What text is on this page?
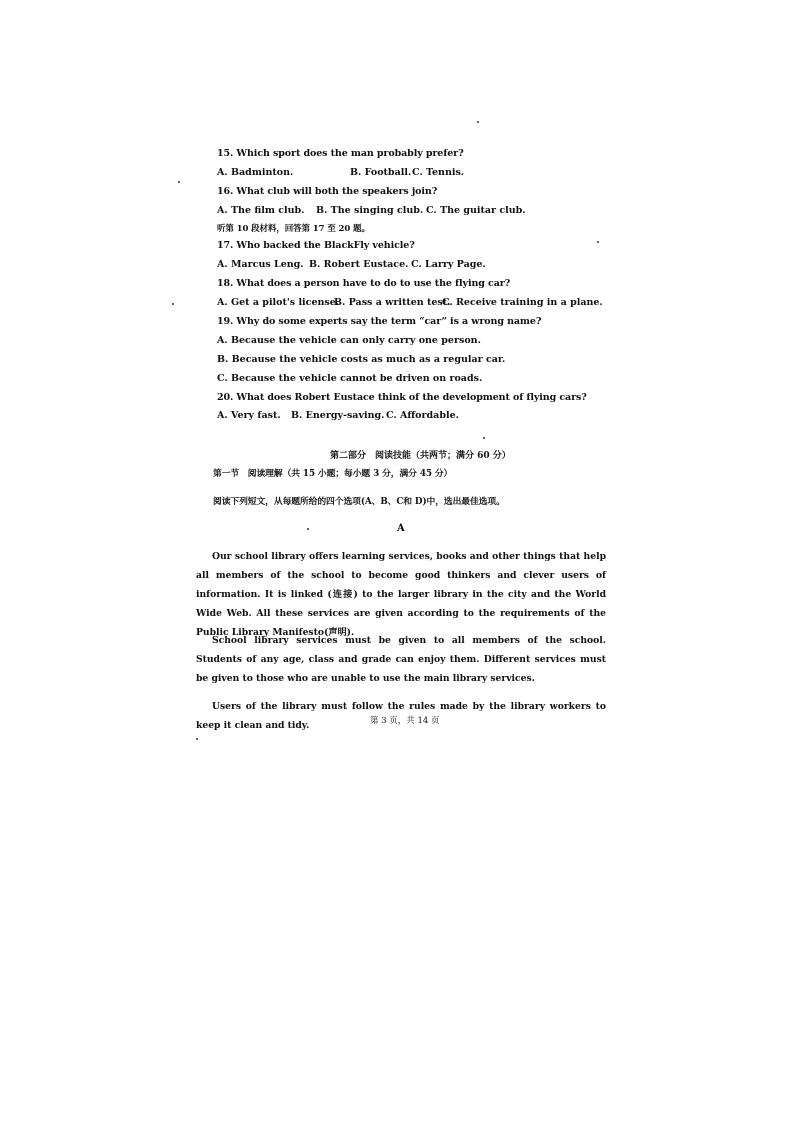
15. Which sport does the man probably prefer?
A. Badminton.	B. Football. C. Tennis.
16. What club will both the speakers join?
A. The film club. B. The singing club. C. The guitar club.
听第 10 段材料，回答第 17 至 20 题。
17. Who backed the BlackFly vehicle?
A. Marcus Leng. B. Robert Eustace. C. Larry Page.
18. What does a person have to do to use the flying car?
A. Get a pilot's license.
B. Pass a written test.
C. Receive training in a plane.
19. Why do some experts say the term “car” is a wrong name?
A. Because the vehicle can only carry one person.
B. Because the vehicle costs as much as a regular car.
C. Because the vehicle cannot be driven on roads.
20. What does Robert Eustace think of the development of flying cars?
A. Very fast. B. Energy-saving. C. Affordable.
第二部分　阅读技能（共两节；满分 60 分）
第一节　阅读理解（共 15 小题；每小题 3 分，满分 45 分）
阅读下列短文，从每题所给的四个选项(A、B、C和 D)中，选出最佳选项。
A
Our school library offers learning services, books and other things that help all members of the school to become good thinkers and clever users of information. It is linked (连接) to the larger library in the city and the World Wide Web. All these services are given according to the requirements of the Public Library Manifesto(声明).
School library services must be given to all members of the school. Students of any age, class and grade can enjoy them. Different services must be given to those who are unable to use the main library services.
Users of the library must follow the rules made by the library workers to keep it clean and tidy.	第 3 页，共 14 页
